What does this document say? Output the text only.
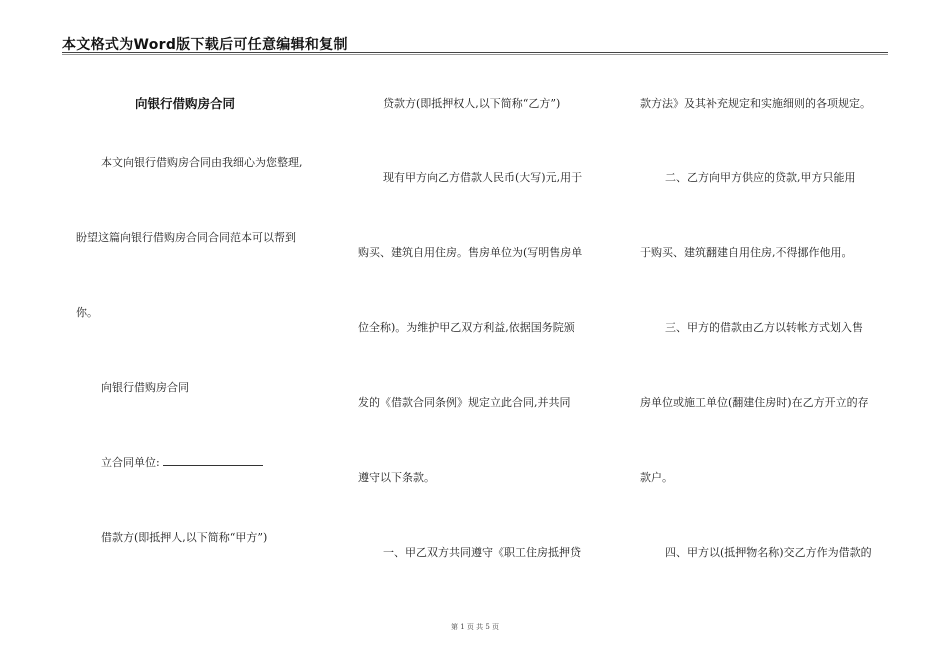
本文格式为Word版下载后可任意编辑和复制
向银行借购房合同
本文向银行借购房合同由我细心为您整理,
盼望这篇向银行借购房合同合同范本可以帮到
你。
向银行借购房合同
立合同单位:
借款方(即抵押人,以下简称“甲方”)
贷款方(即抵押权人,以下简称“乙方”)
现有甲方向乙方借款人民币(大写)元,用于
购买、建筑自用住房。售房单位为(写明售房单
位全称)。为维护甲乙双方利益,依据国务院颁
发的《借款合同条例》规定立此合同,并共同
遵守以下条款。
一、甲乙双方共同遵守《职工住房抵押贷
款方法》及其补充规定和实施细则的各项规定。
二、乙方向甲方供应的贷款,甲方只能用
于购买、建筑翻建自用住房,不得挪作他用。
三、甲方的借款由乙方以转帐方式划入售
房单位或施工单位(翻建住房时)在乙方开立的存
款户。
四、甲方以(抵押物名称)交乙方作为借款的
第 1 页 共 5 页
